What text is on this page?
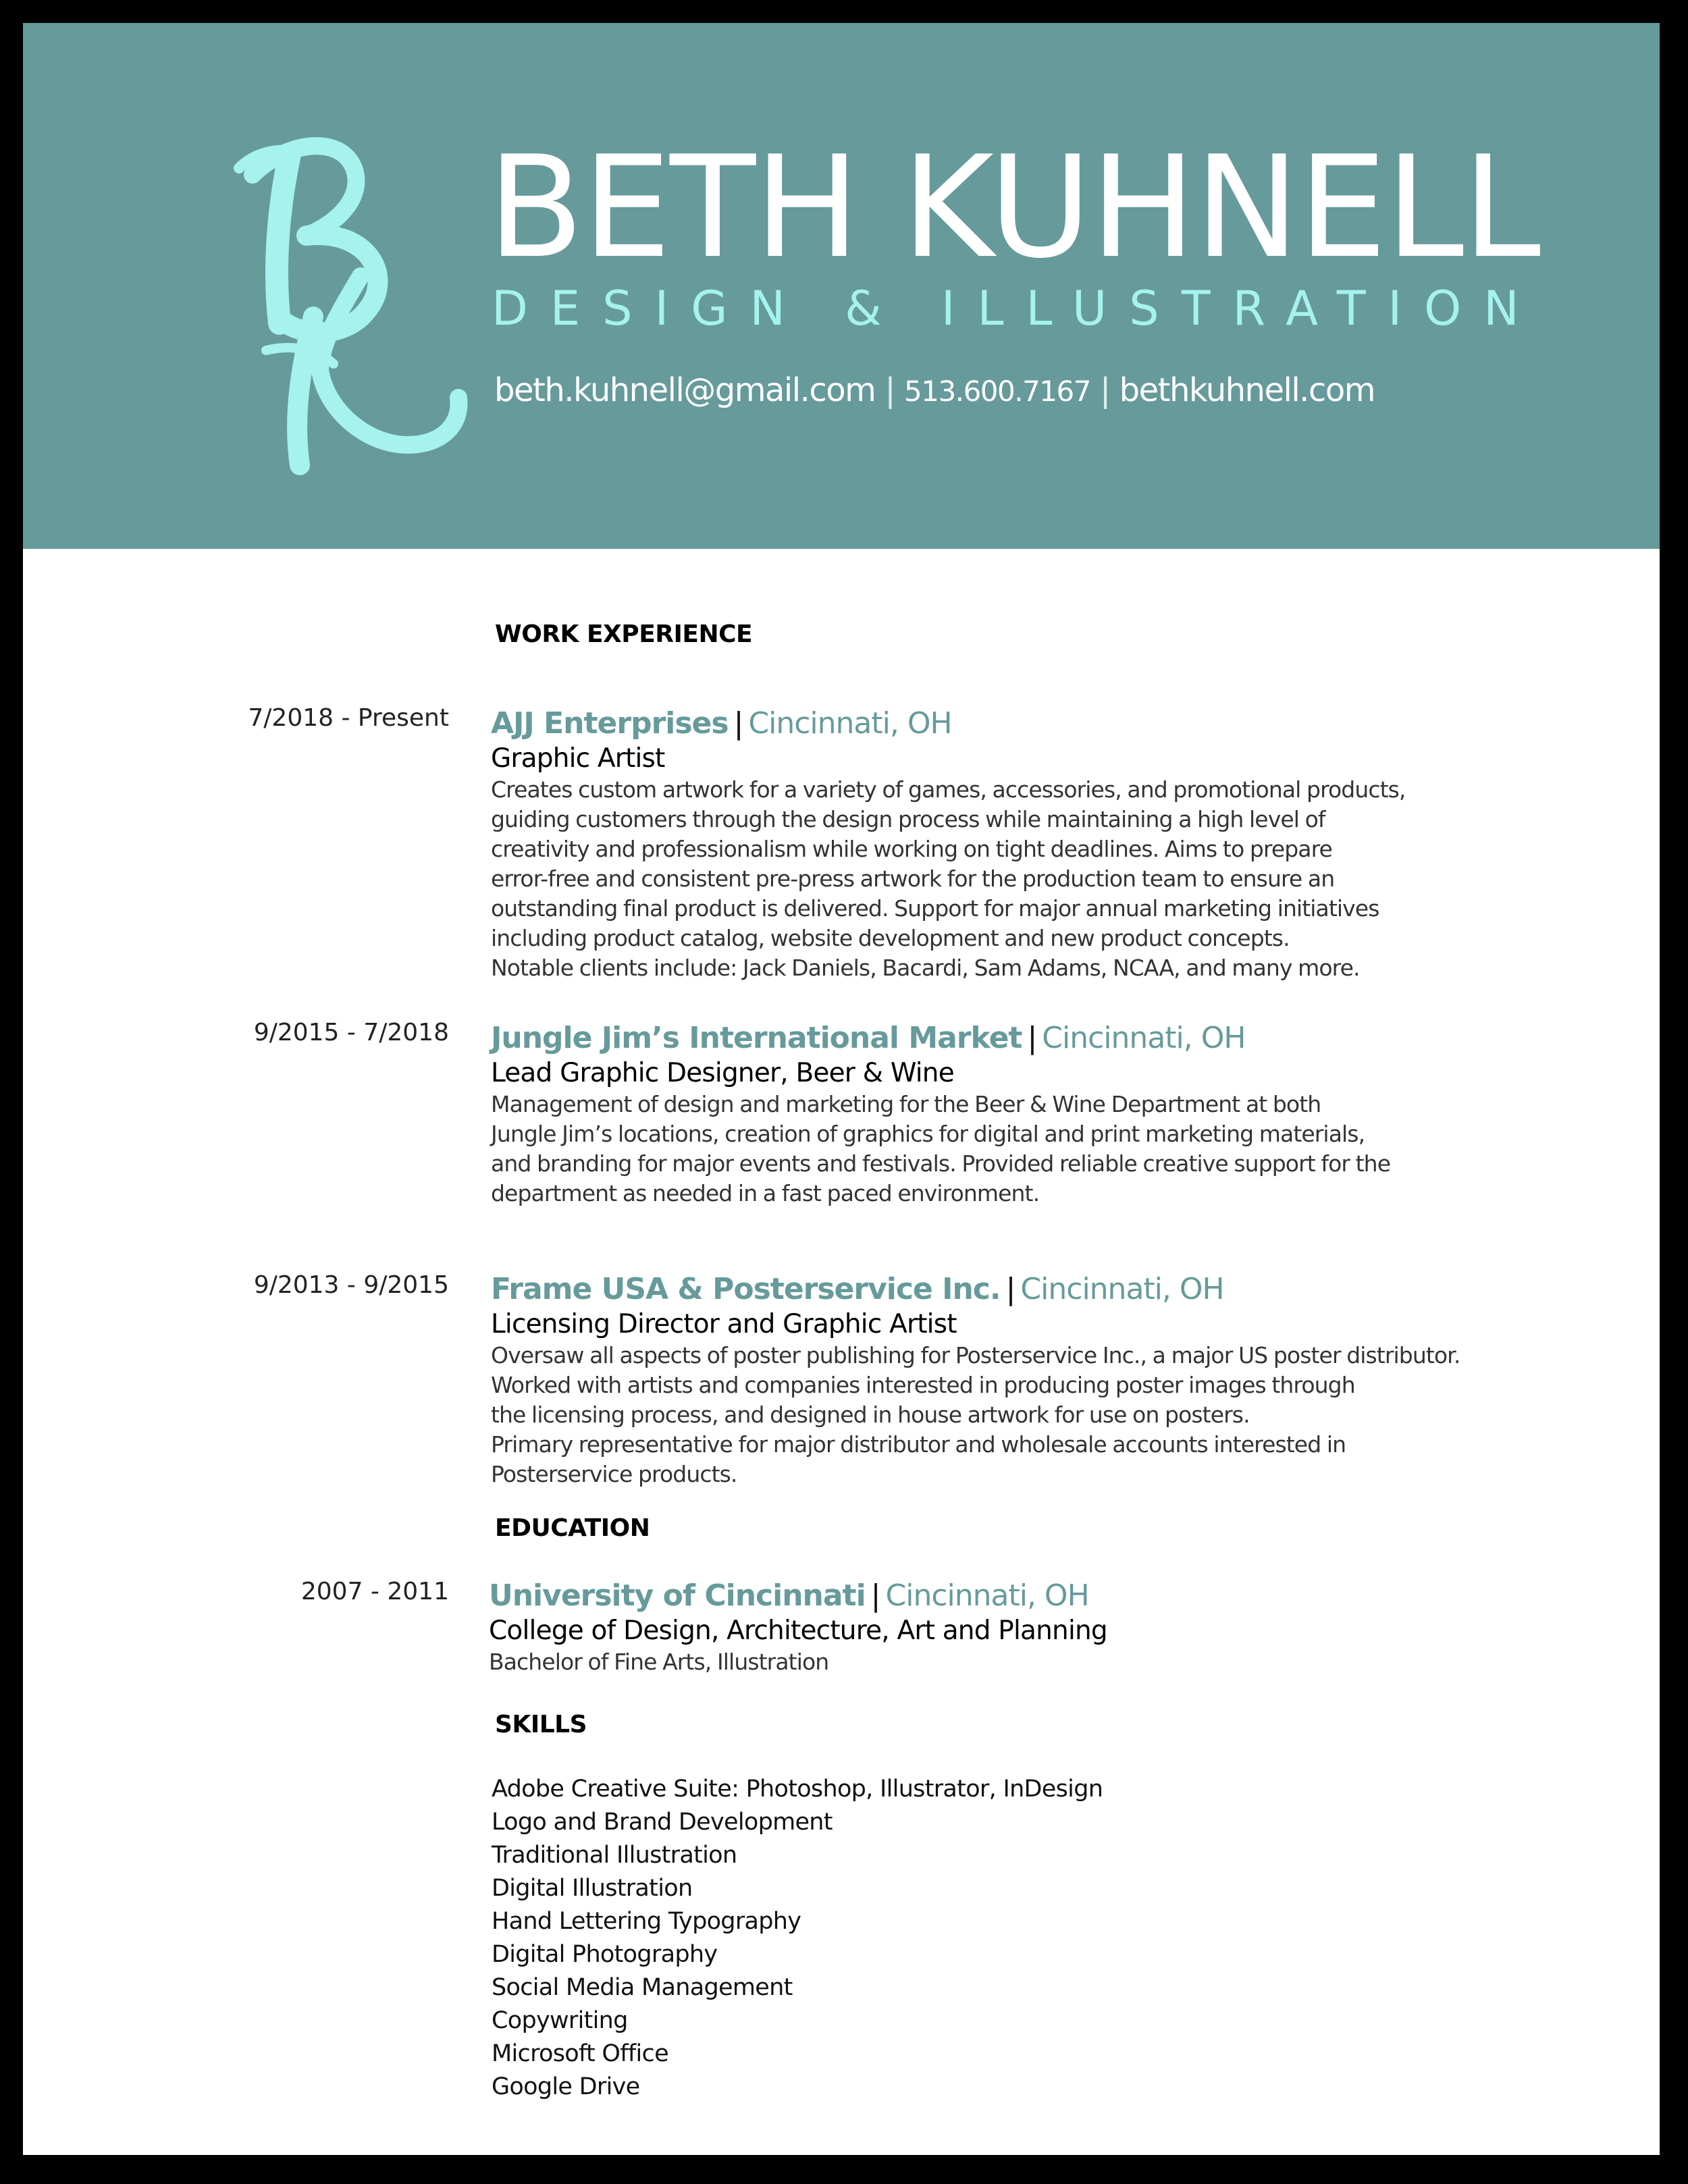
BETH KUHNELL
DESIGN & ILLUSTRATION
beth.kuhnell@gmail.com | 513.600.7167 | bethkuhnell.com
WORK EXPERIENCE
7/2018 - Present AJJ Enterprises | Cincinnati, OH
Graphic Artist
Creates custom artwork for a variety of games, accessories, and promotional products,
guiding customers through the design process while maintaining a high level of
creativity and professionalism while working on tight deadlines. Aims to prepare
error-free and consistent pre-press artwork for the production team to ensure an
outstanding final product is delivered. Support for major annual marketing initiatives
including product catalog, website development and new product concepts.
Notable clients include: Jack Daniels, Bacardi, Sam Adams, NCAA, and many more.
9/2015 - 7/2018 Jungle Jim’s International Market | Cincinnati, OH
Lead Graphic Designer, Beer & Wine
Management of design and marketing for the Beer & Wine Department at both
Jungle Jim’s locations, creation of graphics for digital and print marketing materials,
and branding for major events and festivals. Provided reliable creative support for the
department as needed in a fast paced environment.
9/2013 - 9/2015 Frame USA & Posterservice Inc. | Cincinnati, OH
Licensing Director and Graphic Artist
Oversaw all aspects of poster publishing for Posterservice Inc., a major US poster distributor.
Worked with artists and companies interested in producing poster images through
the licensing process, and designed in house artwork for use on posters.
Primary representative for major distributor and wholesale accounts interested in
Posterservice products.
EDUCATION
2007 - 2011 University of Cincinnati | Cincinnati, OH
College of Design, Architecture, Art and Planning
Bachelor of Fine Arts, Illustration
SKILLS
Adobe Creative Suite: Photoshop, Illustrator, InDesign
Logo and Brand Development
Traditional Illustration
Digital Illustration
Hand Lettering Typography
Digital Photography
Social Media Management
Copywriting
Microsoft Office
Google Drive
